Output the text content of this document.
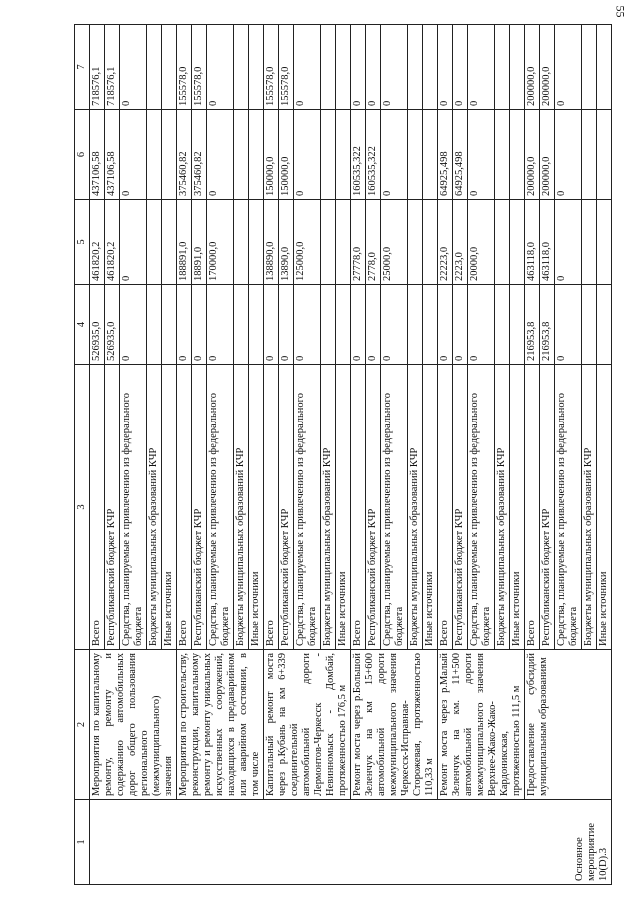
55
1	2	3	4	5	6	7
Основное мероприятие 10(D).3	Мероприятия по капитальному ремонту, ремонту и содержанию автомобильных дорог общего пользования регионального (межмуниципального) значения	Всего	526935,0	461820,2	437106,58	718576,1
		Республиканский бюджет КЧР	526935,0	461820,2	437106,58	718576,1
		Средства, планируемые к привлечению из федерального бюджета	0	0	0	0
		Бюджеты муниципальных образований КЧР				
		Иные источники				
	Мероприятия по строительству, реконструкции, капитальному ремонту и ремонту уникальных искусственных сооружений, находящихся в предаварийном или аварийном состоянии, в том числе	Всего	0	188891,0	375460,82	155578,0
		Республиканский бюджет КЧР	0	18891,0	375460,82	155578,0
		Средства, планируемые к привлечению из федерального бюджета	0	170000,0	0	0
		Бюджеты муниципальных образований КЧР				
		Иные источники				
	Капитальный ремонт моста через р.Кубань на км 6+339 соединительной автомобильной дороги Лермонтов-Черкесск - Невинномыск - Домбай, протяженностью 176,5 м	Всего	0	138890,0	150000,0	155578,0
		Республиканский бюджет КЧР	0	13890,0	150000,0	155578,0
		Средства, планируемые к привлечению из федерального бюджета	0	125000,0	0	0
		Бюджеты муниципальных образований КЧР				
		Иные источники				
	Ремонт моста через р.Большой Зеленчук на км 15+600 автомобильной дороги межмуниципального значения Черкесск-Исправная-Сторожевая, протяженностью 110,33 м	Всего	0	27778,0	160535,322	0
		Республиканский бюджет КЧР	0	2778,0	160535,322	0
		Средства, планируемые к привлечению из федерального бюджета	0	25000,0	0	0
		Бюджеты муниципальных образований КЧР				
		Иные источники				
	Ремонт моста через р.Малый Зеленчук на км. 11+500 автомобильной дороги межмуниципального значения Верхнее-Жако-Жако-Кардоникская, протяженностью 111,5 м	Всего	0	22223,0	64925,498	0
		Республиканский бюджет КЧР	0	2223,0	64925,498	0
		Средства, планируемые к привлечению из федерального бюджета	0	20000,0	0	0
		Бюджеты муниципальных образований КЧР				
		Иные источники				
	Предоставление субсидий муниципальным образованиям	Всего	216953,8	463118,0	200000,0	200000,0
		Республиканский бюджет КЧР	216953,8	463118,0	200000,0	200000,0
		Средства, планируемые к привлечению из федерального бюджета	0	0	0	0
		Бюджеты муниципальных образований КЧР				
		Иные источники				
